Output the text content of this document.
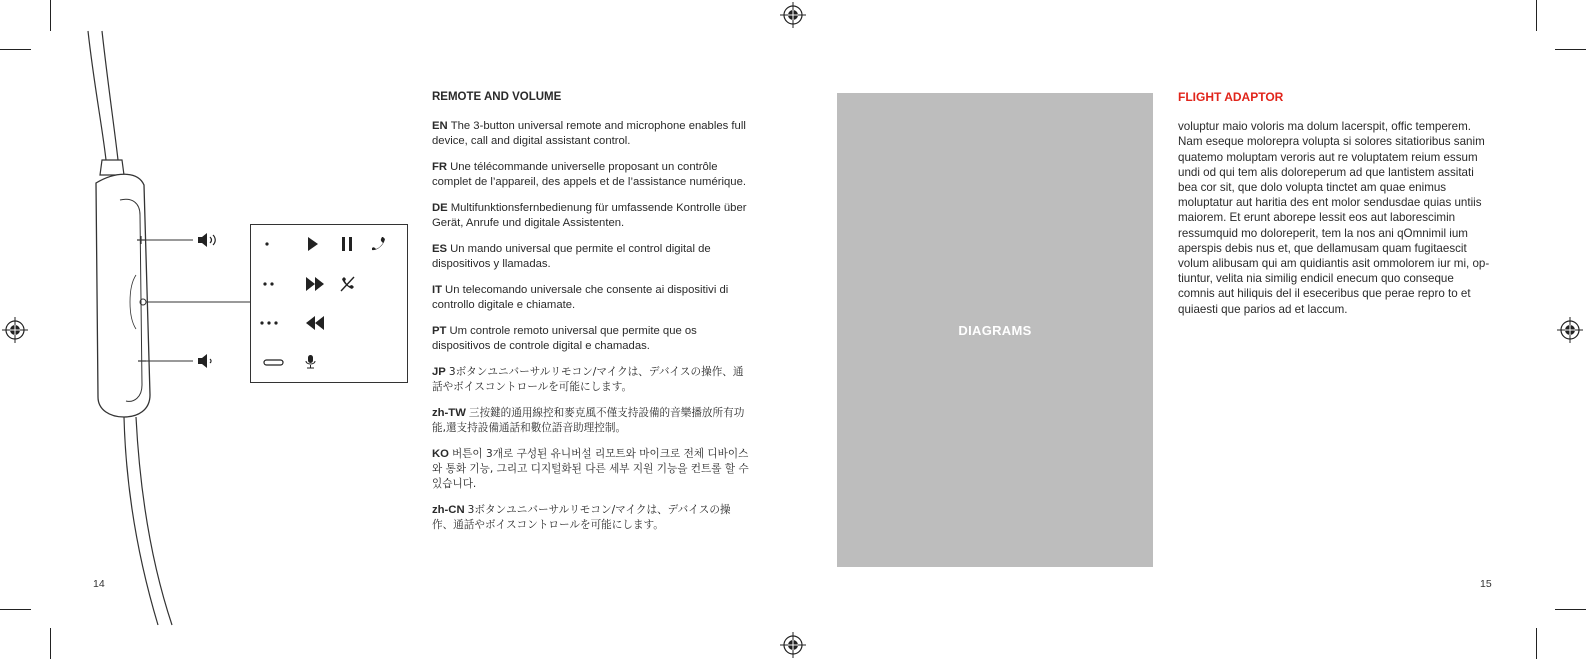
REMOTE AND VOLUME
EN The 3-button universal remote and microphone enables full device, call and digital assistant control.
FR Une télécommande universelle proposant un contrôle complet de l’appareil, des appels et de l’assistance numérique.
DE Multifunktionsfernbedienung für umfassende Kontrolle über Gerät, Anrufe und digitale Assistenten.
ES Un mando universal que permite el control digital de dispositivos y llamadas.
IT Un telecomando universale che consente ai dispositivi di controllo digitale e chiamate.
PT Um controle remoto universal que permite que os dispositivos de controle digital e chamadas.
JP 3ボタンユニバーサルリモコン/マイクは、デバイスの操作、通話やボイスコントロールを可能にします。
zh-TW 三按鍵的通用線控和麥克風不僅支持設備的音樂播放所有功能,還支持設備通話和數位語音助理控制。
KO 버튼이 3개로 구성된 유니버설 리모트와 마이크로 전체 디바이스와 통화 기능, 그리고 디지털화된 다른 세부 지원 기능을 컨트롤 할 수 있습니다.
zh-CN 3ボタンユニバーサルリモコン/マイクは、デバイスの操作、通話やボイスコントロールを可能にします。
DIAGRAMS
FLIGHT ADAPTOR
voluptur maio voloris ma dolum lacerspit, offic temperem. Nam eseque molorepra volupta si solores sitatioribus sanim quatemo moluptam veroris aut re voluptatem reium essum undi od qui tem alis doloreperum ad que lantistem assitati bea cor sit, que dolo volupta tinctet am quae enimus moluptatur aut haritia des ent molor sendusdae quias untiis maiorem. Et erunt aborepe lessit eos aut laborescimin ressumquid mo doloreperit, tem la nos ani qOmnimil ium aperspis debis nus et, que dellamusam quam fugitaescit volum alibusam qui am quidiantis asit ommolorem iur mi, optiuntur, velita nia similig endicil enecum quo conseque comnis aut hiliquis del il eseceribus que perae repro to et quiaesti que parios ad et laccum.
14	15
